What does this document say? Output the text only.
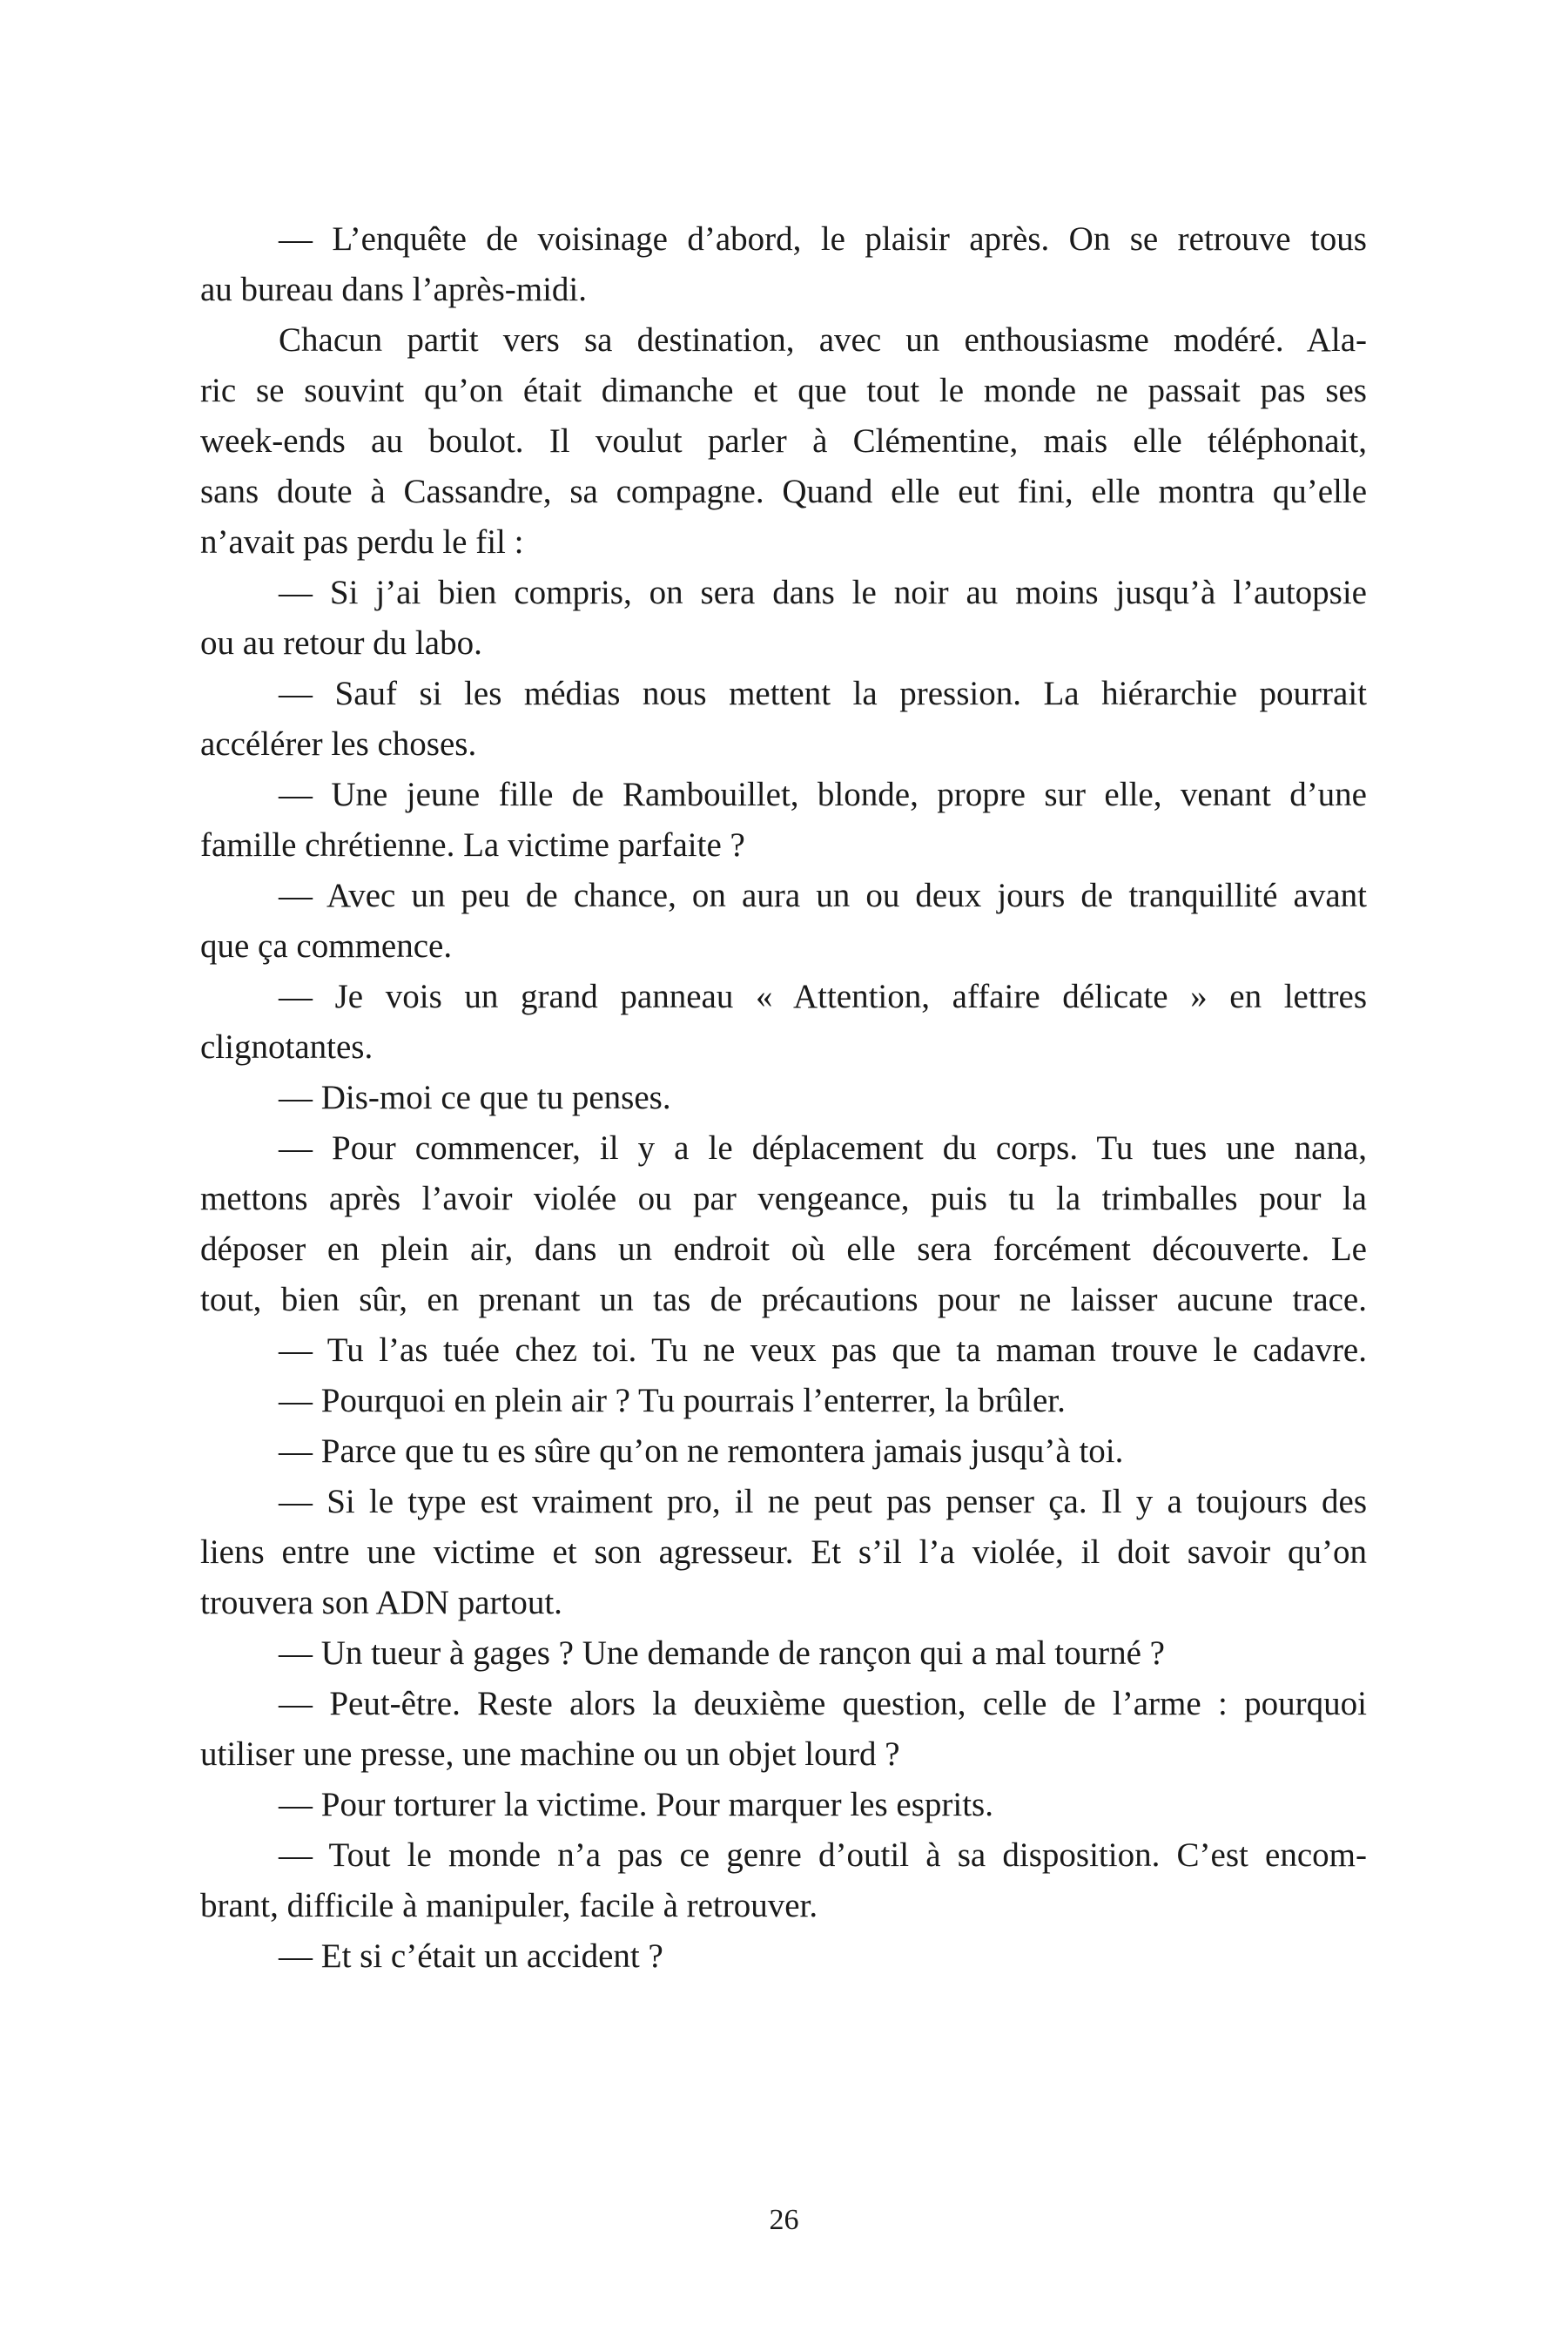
— L’enquête de voisinage d’abord, le plaisir après. On se retrouve tous
au bureau dans l’après-midi.
Chacun partit vers sa destination, avec un enthousiasme modéré. Ala-
ric se souvint qu’on était dimanche et que tout le monde ne passait pas ses
week-ends au boulot. Il voulut parler à Clémentine, mais elle téléphonait,
sans doute à Cassandre, sa compagne. Quand elle eut fini, elle montra qu’elle
n’avait pas perdu le fil :
— Si j’ai bien compris, on sera dans le noir au moins jusqu’à l’autopsie
ou au retour du labo.
— Sauf si les médias nous mettent la pression. La hiérarchie pourrait
accélérer les choses.
— Une jeune fille de Rambouillet, blonde, propre sur elle, venant d’une
famille chrétienne. La victime parfaite ?
— Avec un peu de chance, on aura un ou deux jours de tranquillité avant
que ça commence.
— Je vois un grand panneau « Attention, affaire délicate » en lettres
clignotantes.
— Dis-moi ce que tu penses.
— Pour commencer, il y a le déplacement du corps. Tu tues une nana,
mettons après l’avoir violée ou par vengeance, puis tu la trimballes pour la
déposer en plein air, dans un endroit où elle sera forcément découverte. Le
tout, bien sûr, en prenant un tas de précautions pour ne laisser aucune trace.
— Tu l’as tuée chez toi. Tu ne veux pas que ta maman trouve le cadavre.
— Pourquoi en plein air ? Tu pourrais l’enterrer, la brûler.
— Parce que tu es sûre qu’on ne remontera jamais jusqu’à toi.
— Si le type est vraiment pro, il ne peut pas penser ça. Il y a toujours des
liens entre une victime et son agresseur. Et s’il l’a violée, il doit savoir qu’on
trouvera son ADN partout.
— Un tueur à gages ? Une demande de rançon qui a mal tourné ?
— Peut-être. Reste alors la deuxième question, celle de l’arme : pourquoi
utiliser une presse, une machine ou un objet lourd ?
— Pour torturer la victime. Pour marquer les esprits.
— Tout le monde n’a pas ce genre d’outil à sa disposition. C’est encom-
brant, difficile à manipuler, facile à retrouver.
— Et si c’était un accident ?
26
